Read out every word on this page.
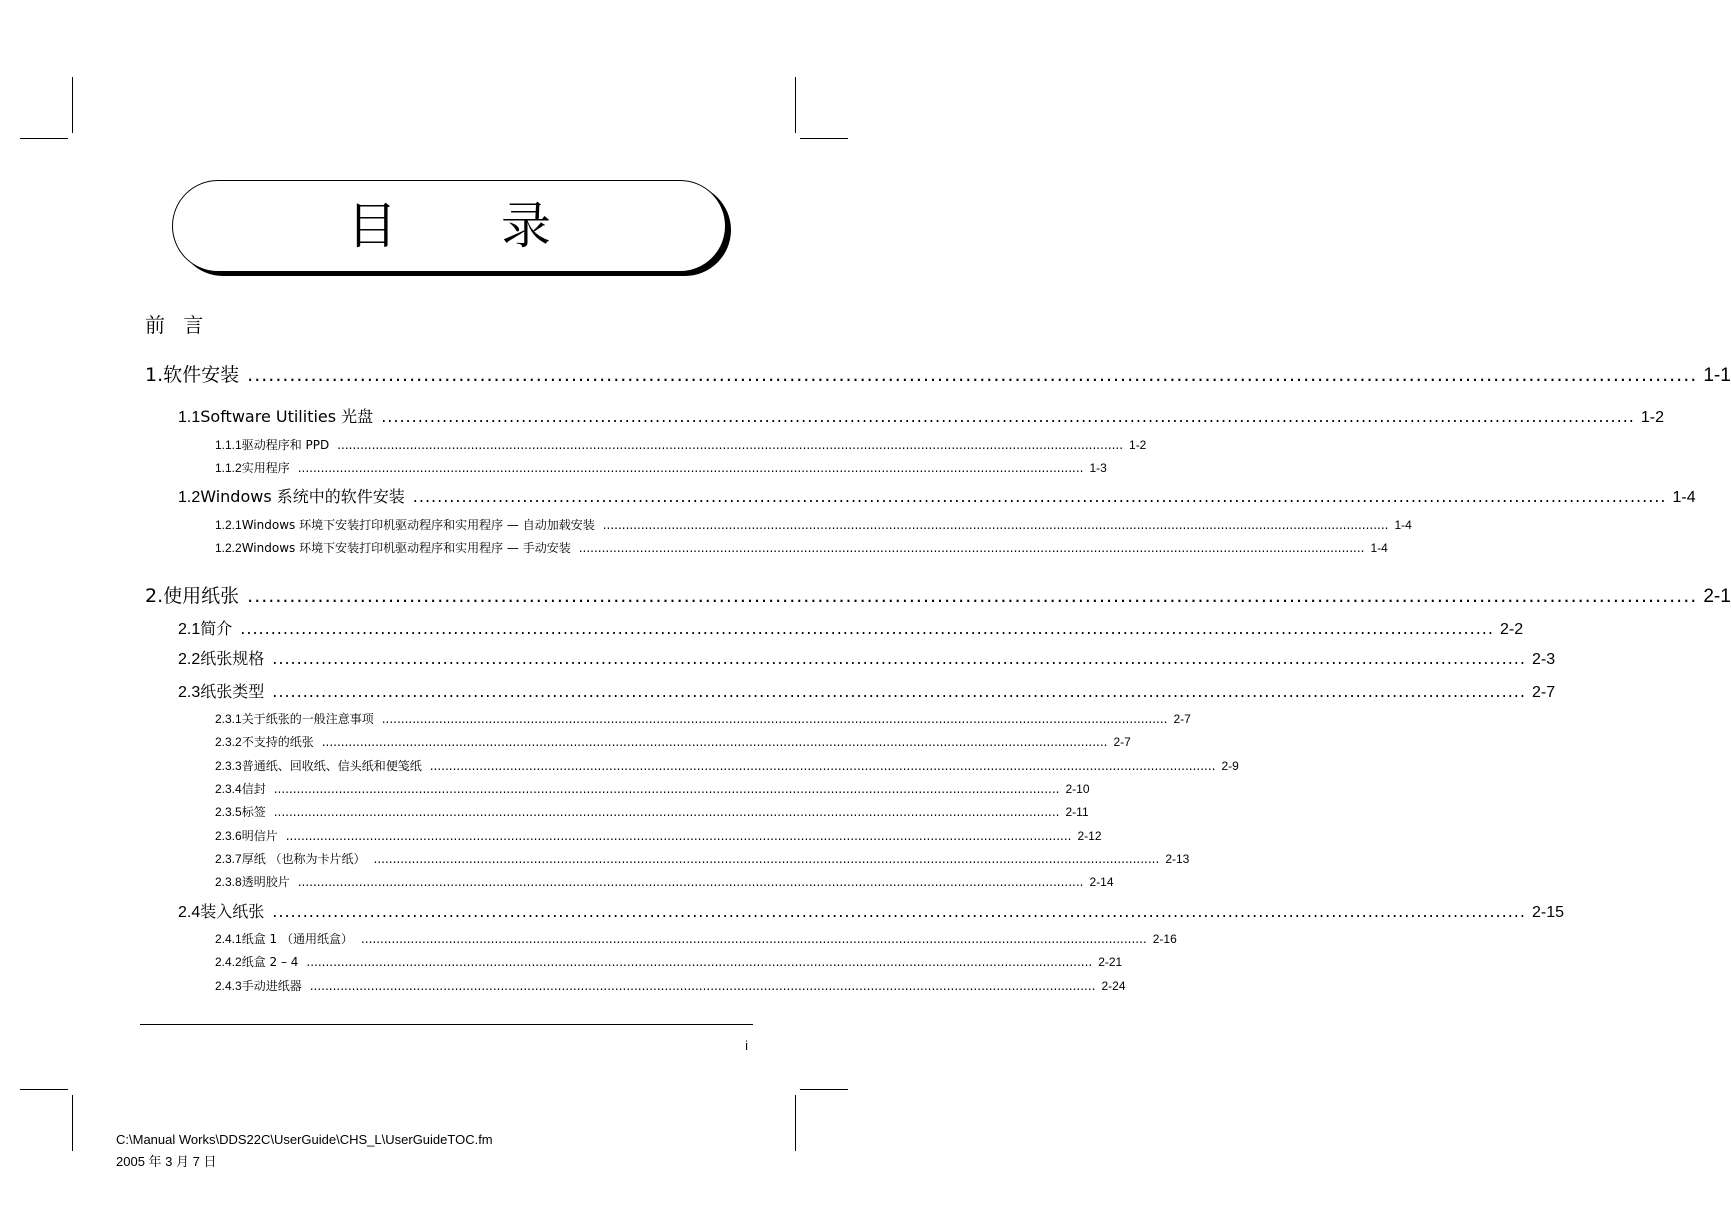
目 录
前 言
1. 软件安装 .............................................................................................................................................................................................................. 1-1
1.1 Software Utilities 光盘 .............................................................................................................................................................................................................. 1-2
1.1.1 驱动程序和 PPD .............................................................................................................................................................................................................. 1-2
1.1.2 实用程序 .............................................................................................................................................................................................................. 1-3
1.2 Windows 系统中的软件安装 .............................................................................................................................................................................................................. 1-4
1.2.1 Windows 环境下安装打印机驱动程序和实用程序 — 自动加载安装 .............................................................................................................................................................................................................. 1-4
1.2.2 Windows 环境下安装打印机驱动程序和实用程序 — 手动安装 .............................................................................................................................................................................................................. 1-4
2. 使用纸张 .............................................................................................................................................................................................................. 2-1
2.1 简介 .............................................................................................................................................................................................................. 2-2
2.2 纸张规格 .............................................................................................................................................................................................................. 2-3
2.3 纸张类型 .............................................................................................................................................................................................................. 2-7
2.3.1 关于纸张的一般注意事项 .............................................................................................................................................................................................................. 2-7
2.3.2 不支持的纸张 .............................................................................................................................................................................................................. 2-7
2.3.3 普通纸、回收纸、信头纸和便笺纸 .............................................................................................................................................................................................................. 2-9
2.3.4 信封 .............................................................................................................................................................................................................. 2-10
2.3.5 标签 .............................................................................................................................................................................................................. 2-11
2.3.6 明信片 .............................................................................................................................................................................................................. 2-12
2.3.7 厚纸 （也称为卡片纸） .............................................................................................................................................................................................................. 2-13
2.3.8 透明胶片 .............................................................................................................................................................................................................. 2-14
2.4 装入纸张 .............................................................................................................................................................................................................. 2-15
2.4.1 纸盒 1 （通用纸盒） .............................................................................................................................................................................................................. 2-16
2.4.2 纸盒 2 – 4 .............................................................................................................................................................................................................. 2-21
2.4.3 手动进纸器 .............................................................................................................................................................................................................. 2-24
i
C:\Manual Works\DDS22C\UserGuide\CHS_L\UserGuideTOC.fm
2005 年 3 月 7 日
